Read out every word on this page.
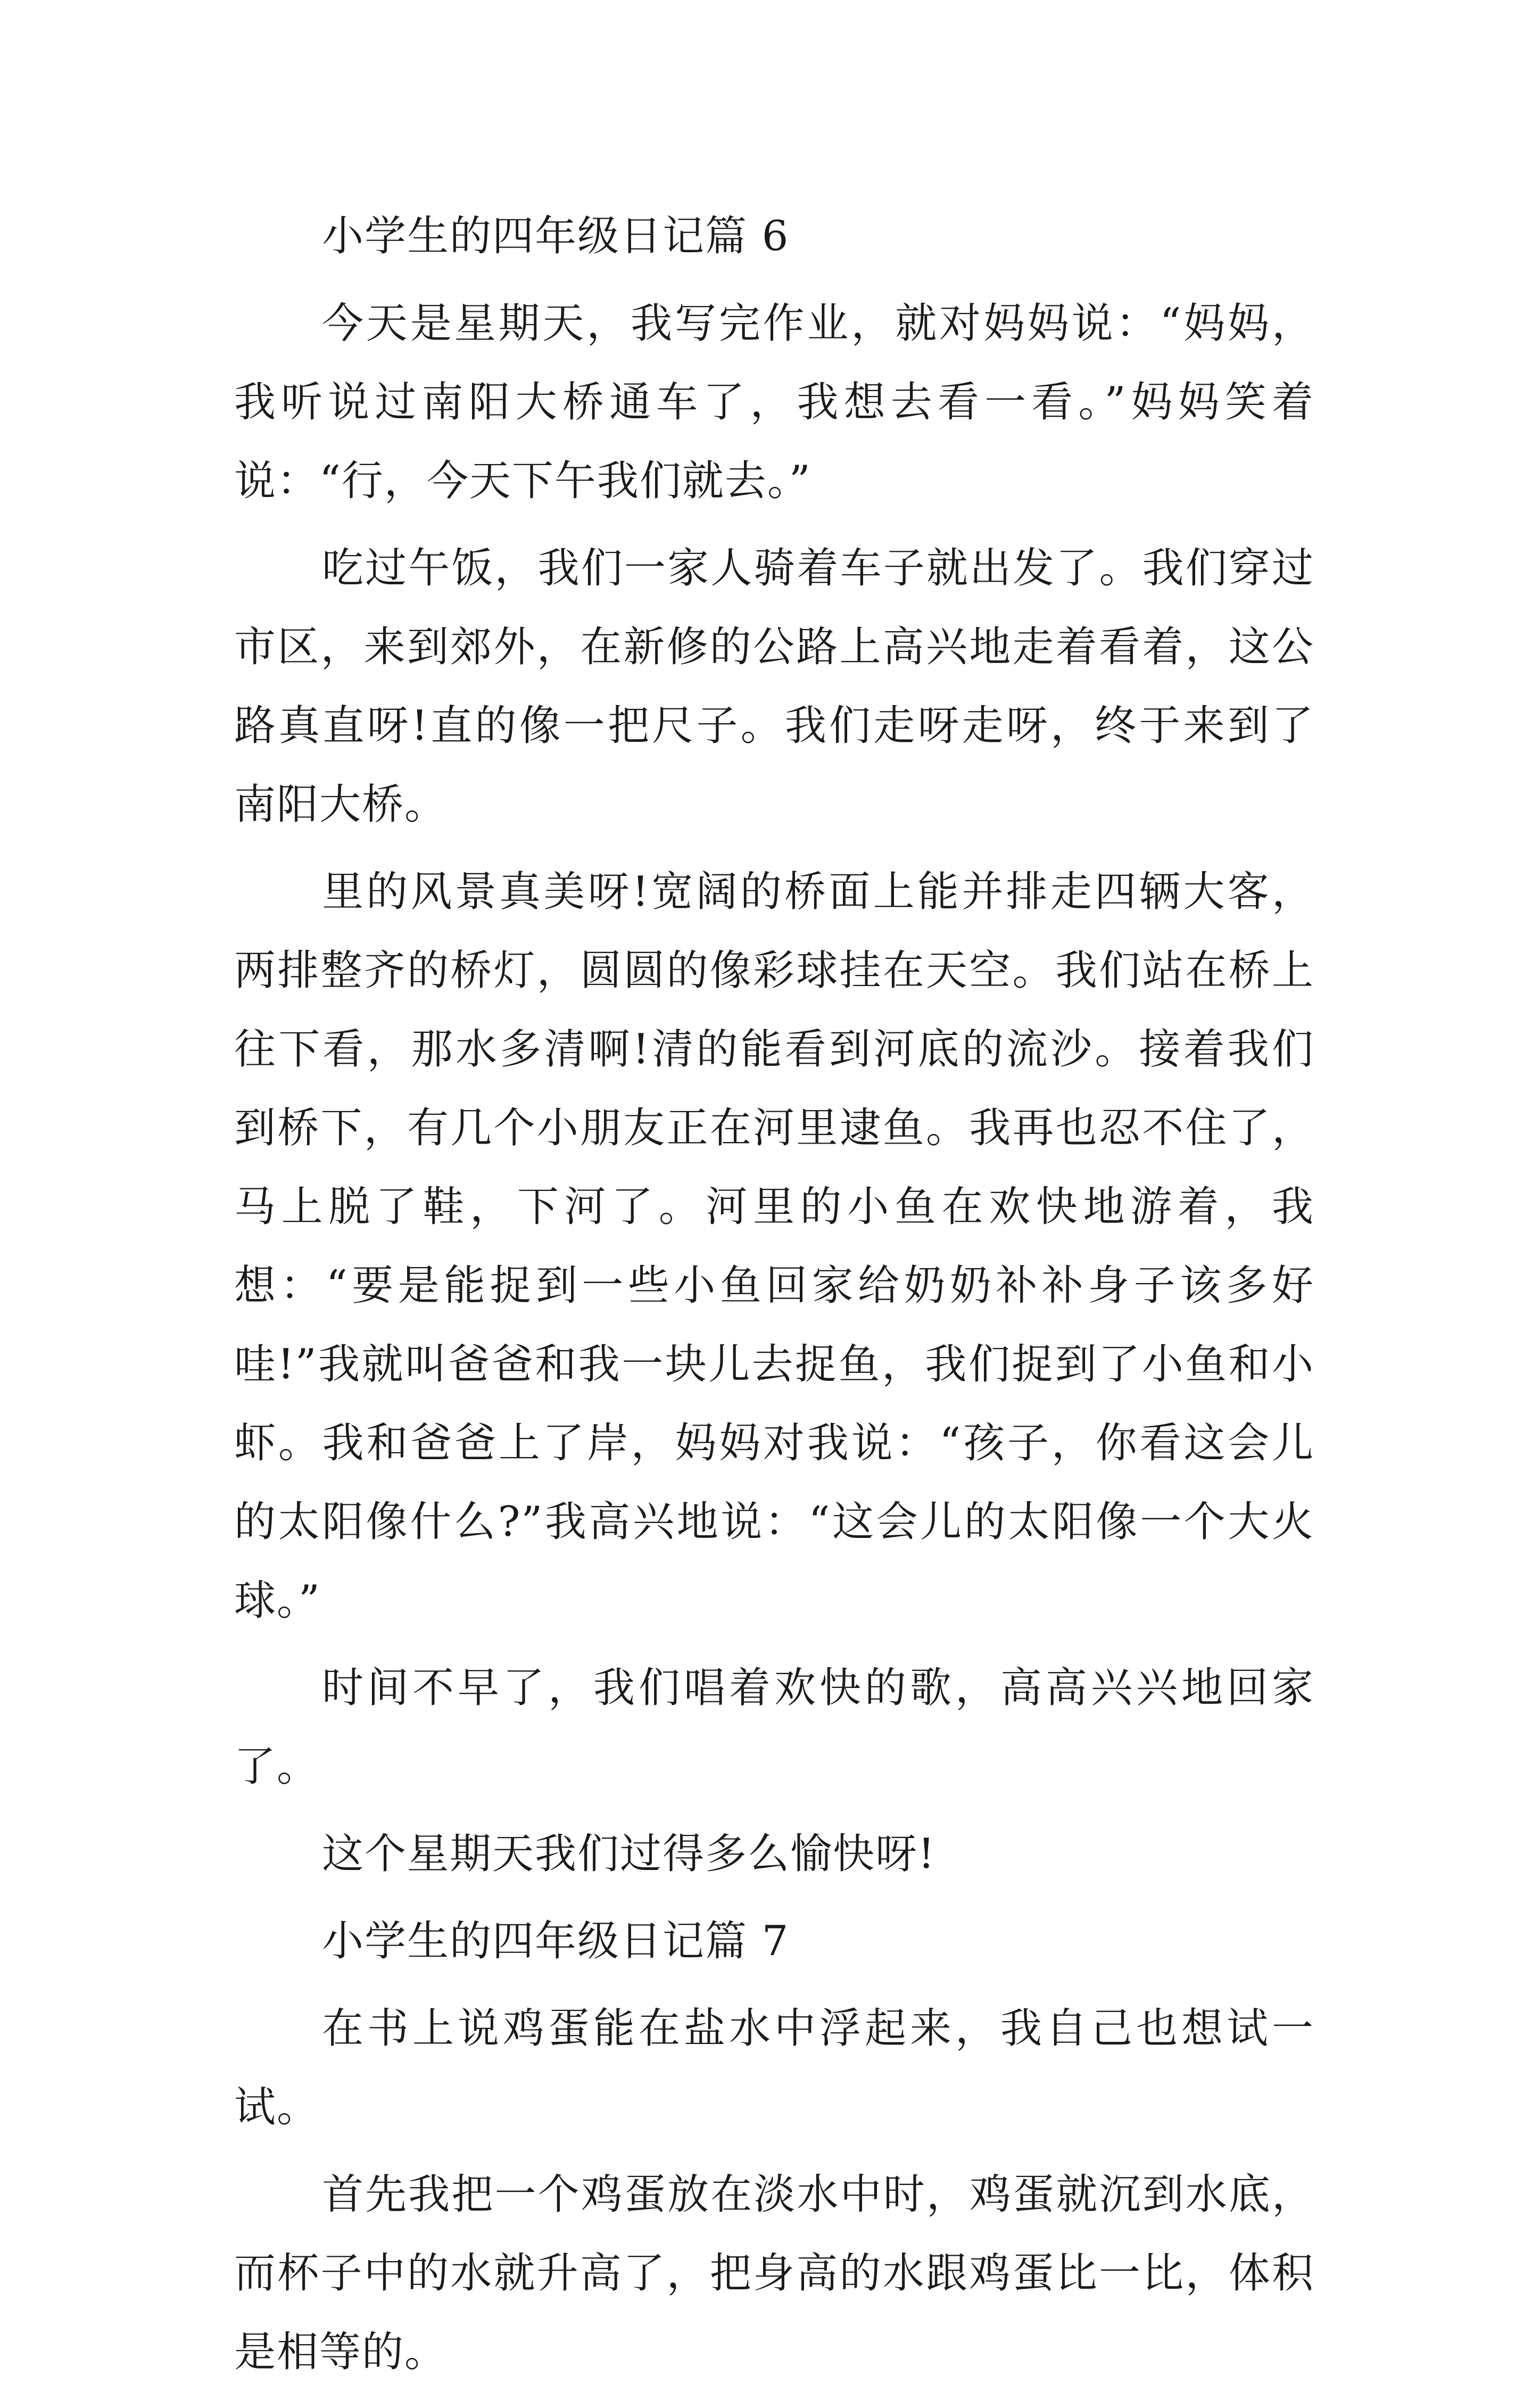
小学生的四年级日记篇 6

今天是星期天，我写完作业，就对妈妈说：“妈妈，我听说过南阳大桥通车了，我想去看一看。”妈妈笑着说：“行，今天下午我们就去。”

吃过午饭，我们一家人骑着车子就出发了。我们穿过市区，来到郊外，在新修的公路上高兴地走着看着，这公路真直呀!直的像一把尺子。我们走呀走呀，终于来到了南阳大桥。

里的风景真美呀!宽阔的桥面上能并排走四辆大客，两排整齐的桥灯，圆圆的像彩球挂在天空。我们站在桥上往下看，那水多清啊!清的能看到河底的流沙。接着我们到桥下，有几个小朋友正在河里逮鱼。我再也忍不住了，马上脱了鞋，下河了。河里的小鱼在欢快地游着，我想：“要是能捉到一些小鱼回家给奶奶补补身子该多好哇!”我就叫爸爸和我一块儿去捉鱼，我们捉到了小鱼和小虾。我和爸爸上了岸，妈妈对我说：“孩子，你看这会儿的太阳像什么?”我高兴地说：“这会儿的太阳像一个大火球。”

时间不早了，我们唱着欢快的歌，高高兴兴地回家了。

这个星期天我们过得多么愉快呀!

小学生的四年级日记篇 7

在书上说鸡蛋能在盐水中浮起来，我自己也想试一试。

首先我把一个鸡蛋放在淡水中时，鸡蛋就沉到水底，而杯子中的水就升高了，把身高的水跟鸡蛋比一比，体积是相等的。
